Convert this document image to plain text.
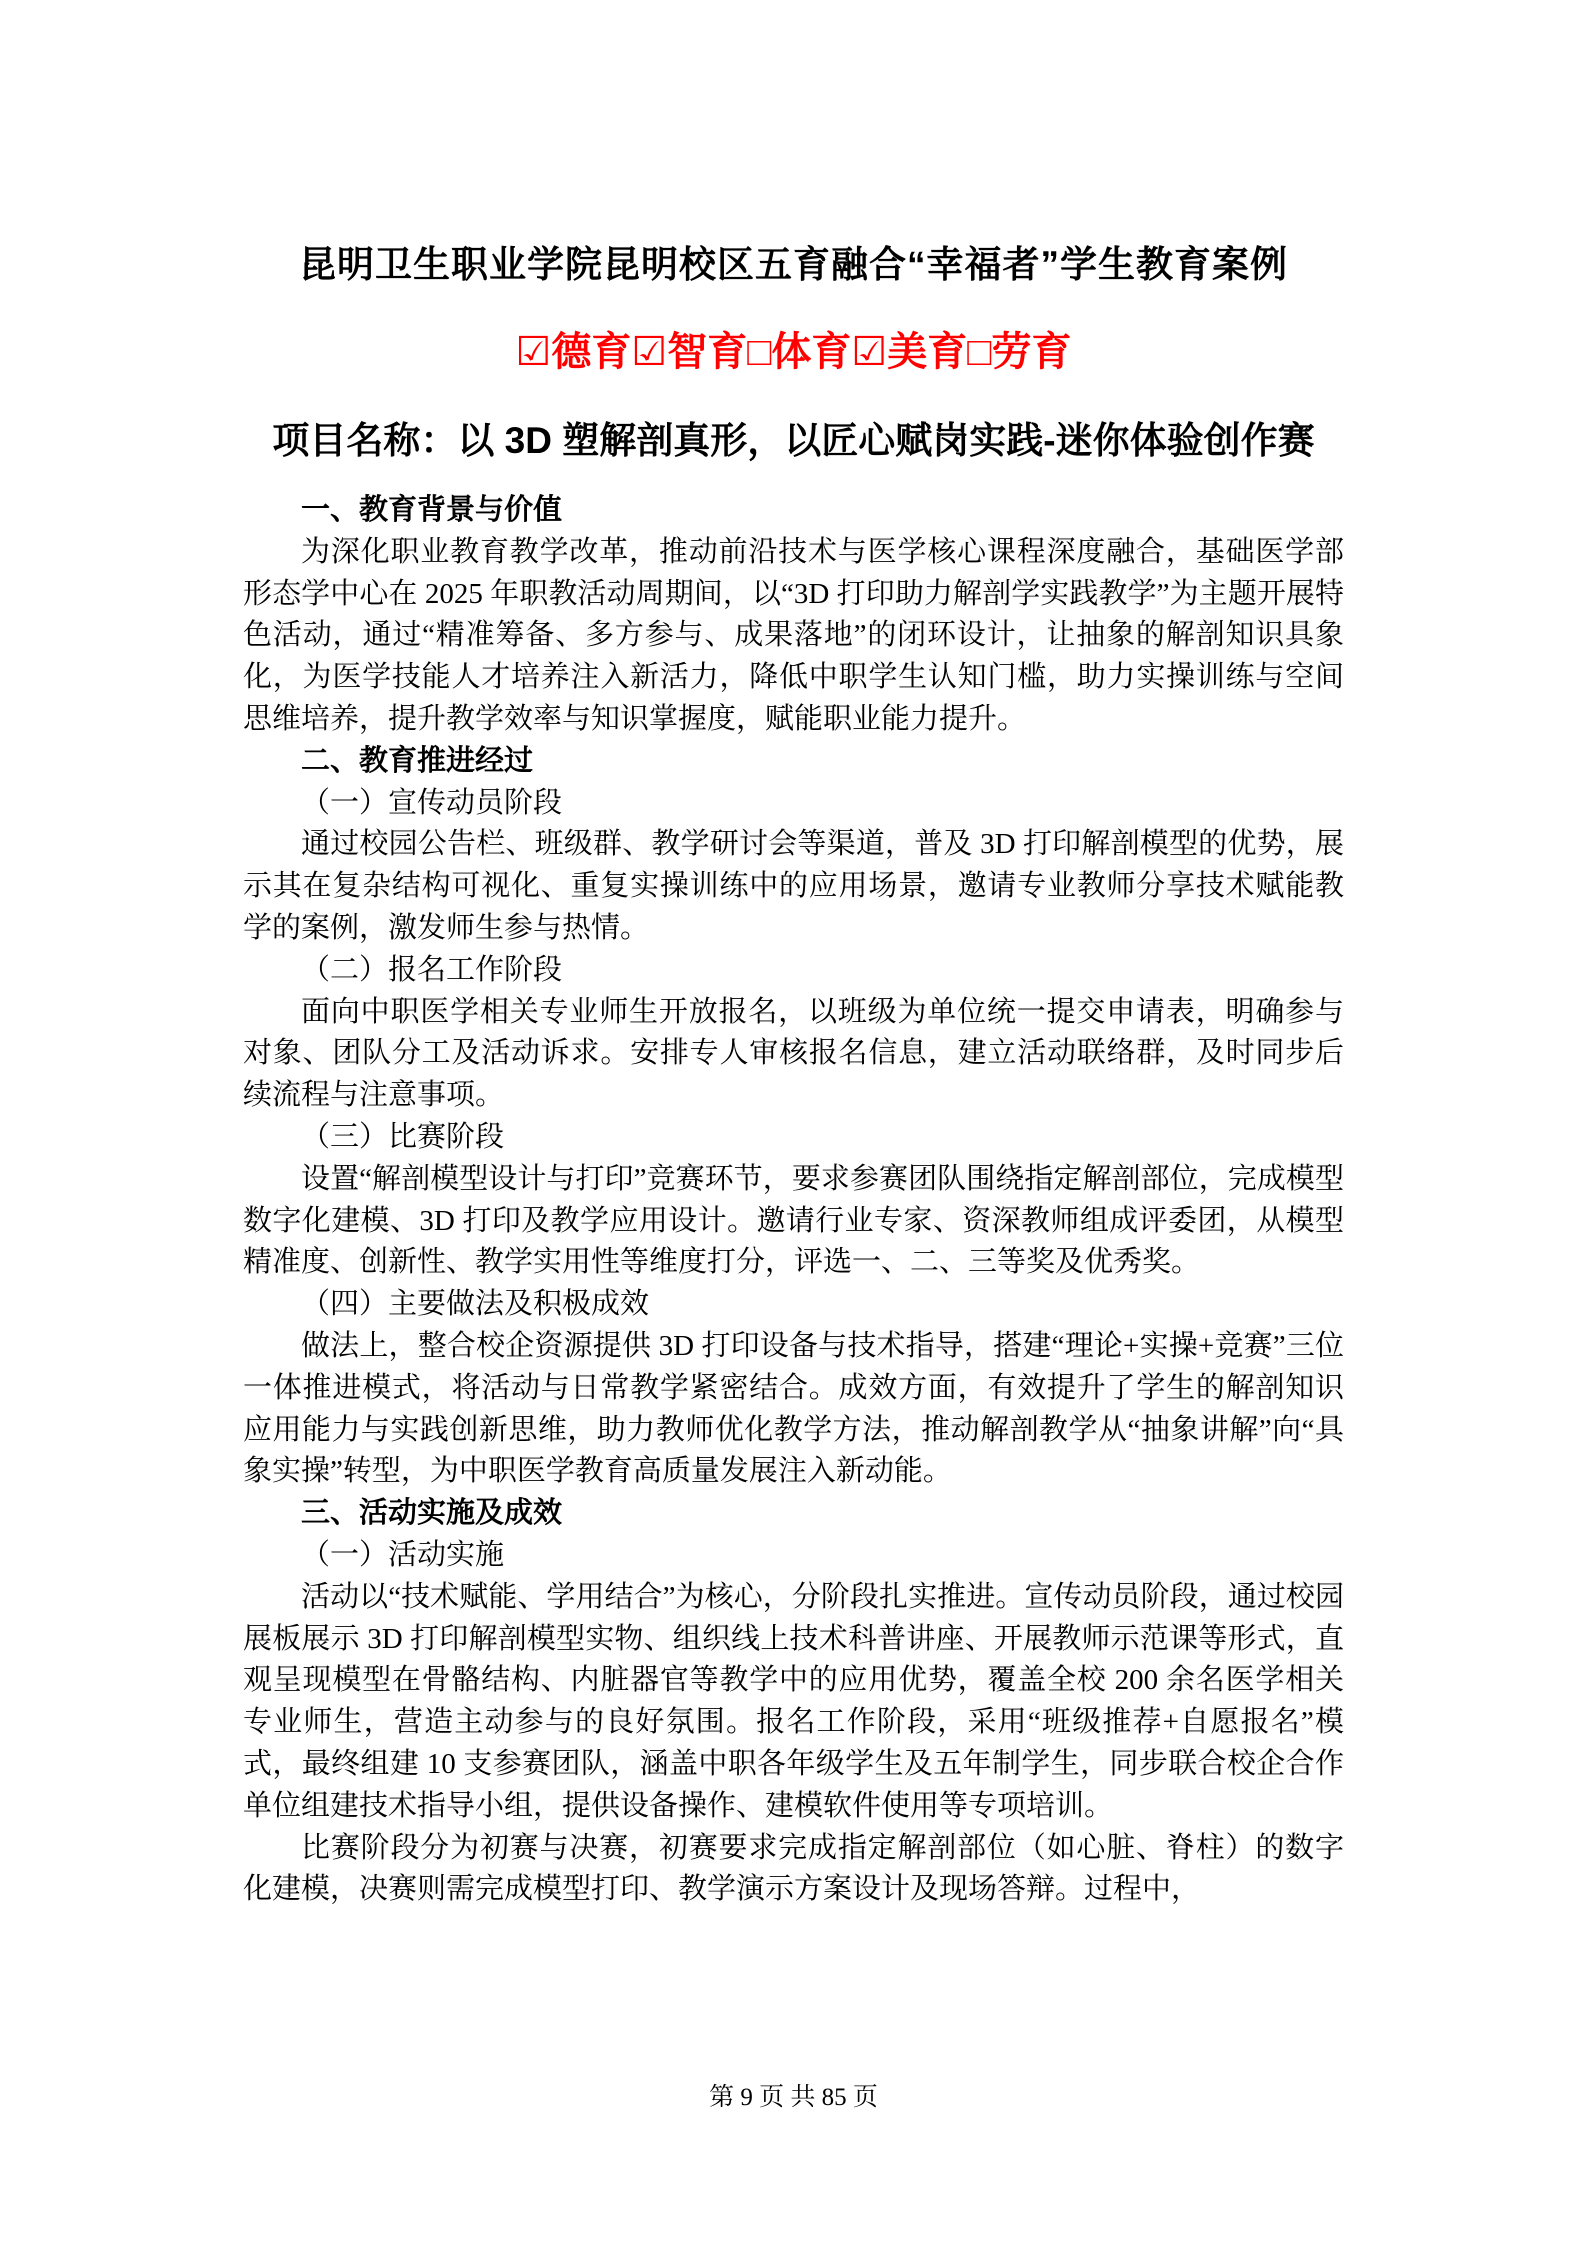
昆明卫生职业学院昆明校区五育融合“幸福者”学生教育案例
☑德育☑智育□体育☑美育□劳育
项目名称：以 3D 塑解剖真形，以匠心赋岗实践-迷你体验创作赛

一、教育背景与价值

为深化职业教育教学改革，推动前沿技术与医学核心课程深度融合，基础医学部形态学中心在 2025 年职教活动周期间，以“3D 打印助力解剖学实践教学”为主题开展特色活动，通过“精准筹备、多方参与、成果落地”的闭环设计，让抽象的解剖知识具象化，为医学技能人才培养注入新活力，降低中职学生认知门槛，助力实操训练与空间思维培养，提升教学效率与知识掌握度，赋能职业能力提升。

二、教育推进经过

（一）宣传动员阶段

通过校园公告栏、班级群、教学研讨会等渠道，普及 3D 打印解剖模型的优势，展示其在复杂结构可视化、重复实操训练中的应用场景，邀请专业教师分享技术赋能教学的案例，激发师生参与热情。

（二）报名工作阶段

面向中职医学相关专业师生开放报名，以班级为单位统一提交申请表，明确参与对象、团队分工及活动诉求。安排专人审核报名信息，建立活动联络群，及时同步后续流程与注意事项。

（三）比赛阶段

设置“解剖模型设计与打印”竞赛环节，要求参赛团队围绕指定解剖部位，完成模型数字化建模、3D 打印及教学应用设计。邀请行业专家、资深教师组成评委团，从模型精准度、创新性、教学实用性等维度打分，评选一、二、三等奖及优秀奖。

（四）主要做法及积极成效

做法上，整合校企资源提供 3D 打印设备与技术指导，搭建“理论+实操+竞赛”三位一体推进模式，将活动与日常教学紧密结合。成效方面，有效提升了学生的解剖知识应用能力与实践创新思维，助力教师优化教学方法，推动解剖教学从“抽象讲解”向“具象实操”转型，为中职医学教育高质量发展注入新动能。

三、活动实施及成效

（一）活动实施

活动以“技术赋能、学用结合”为核心，分阶段扎实推进。宣传动员阶段，通过校园展板展示 3D 打印解剖模型实物、组织线上技术科普讲座、开展教师示范课等形式，直观呈现模型在骨骼结构、内脏器官等教学中的应用优势，覆盖全校 200 余名医学相关专业师生，营造主动参与的良好氛围。报名工作阶段，采用“班级推荐+自愿报名”模式，最终组建 10 支参赛团队，涵盖中职各年级学生及五年制学生，同步联合校企合作单位组建技术指导小组，提供设备操作、建模软件使用等专项培训。

比赛阶段分为初赛与决赛，初赛要求完成指定解剖部位（如心脏、脊柱）的数字化建模，决赛则需完成模型打印、教学演示方案设计及现场答辩。过程中，

第 9 页 共 85 页
